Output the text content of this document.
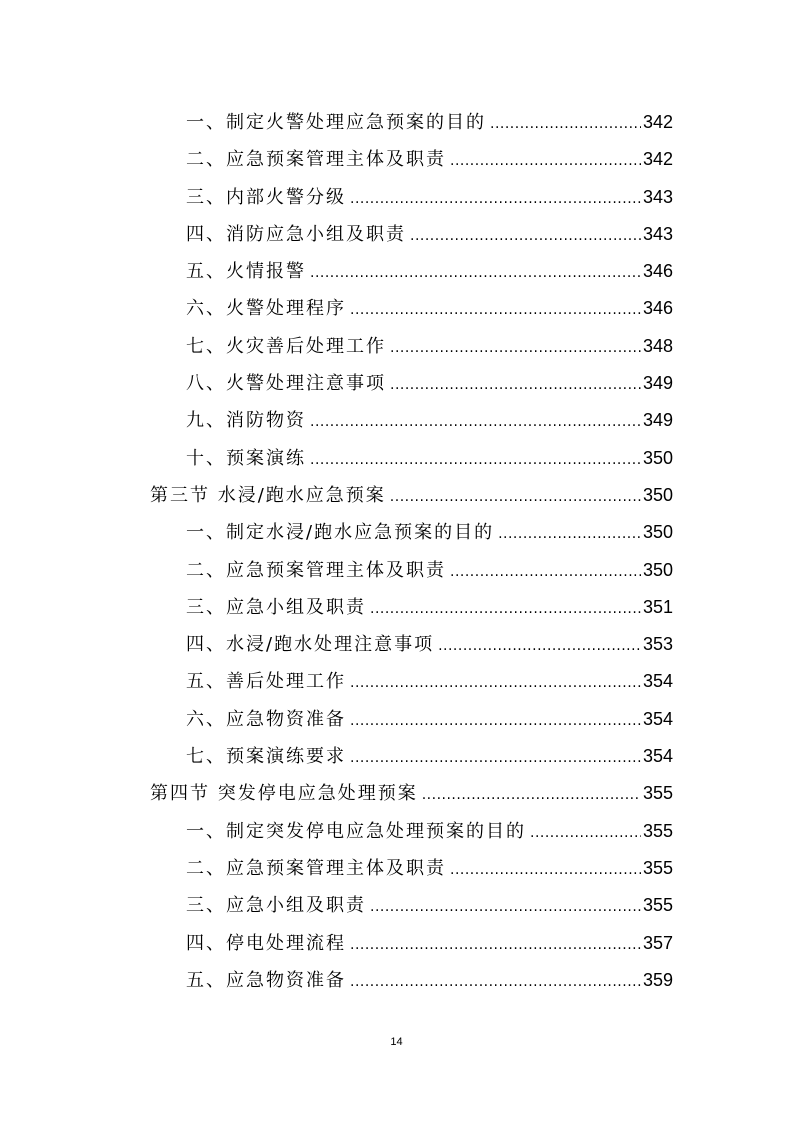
一、制定火警处理应急预案的目的 .....	342
二、应急预案管理主体及职责 .....	342
三、内部火警分级 .....	343
四、消防应急小组及职责 .....	343
五、火情报警 .....	346
六、火警处理程序 .....	346
七、火灾善后处理工作 .....	348
八、火警处理注意事项 .....	349
九、消防物资 .....	349
十、预案演练 .....	350
第三节 水浸/跑水应急预案 .....	350
一、制定水浸/跑水应急预案的目的 .....	350
二、应急预案管理主体及职责 .....	350
三、应急小组及职责 .....	351
四、水浸/跑水处理注意事项 .....	353
五、善后处理工作 .....	354
六、应急物资准备 .....	354
七、预案演练要求 .....	354
第四节 突发停电应急处理预案 .....	355
一、制定突发停电应急处理预案的目的 .....	355
二、应急预案管理主体及职责 .....	355
三、应急小组及职责 .....	355
四、停电处理流程 .....	357
五、应急物资准备 .....	359
14
